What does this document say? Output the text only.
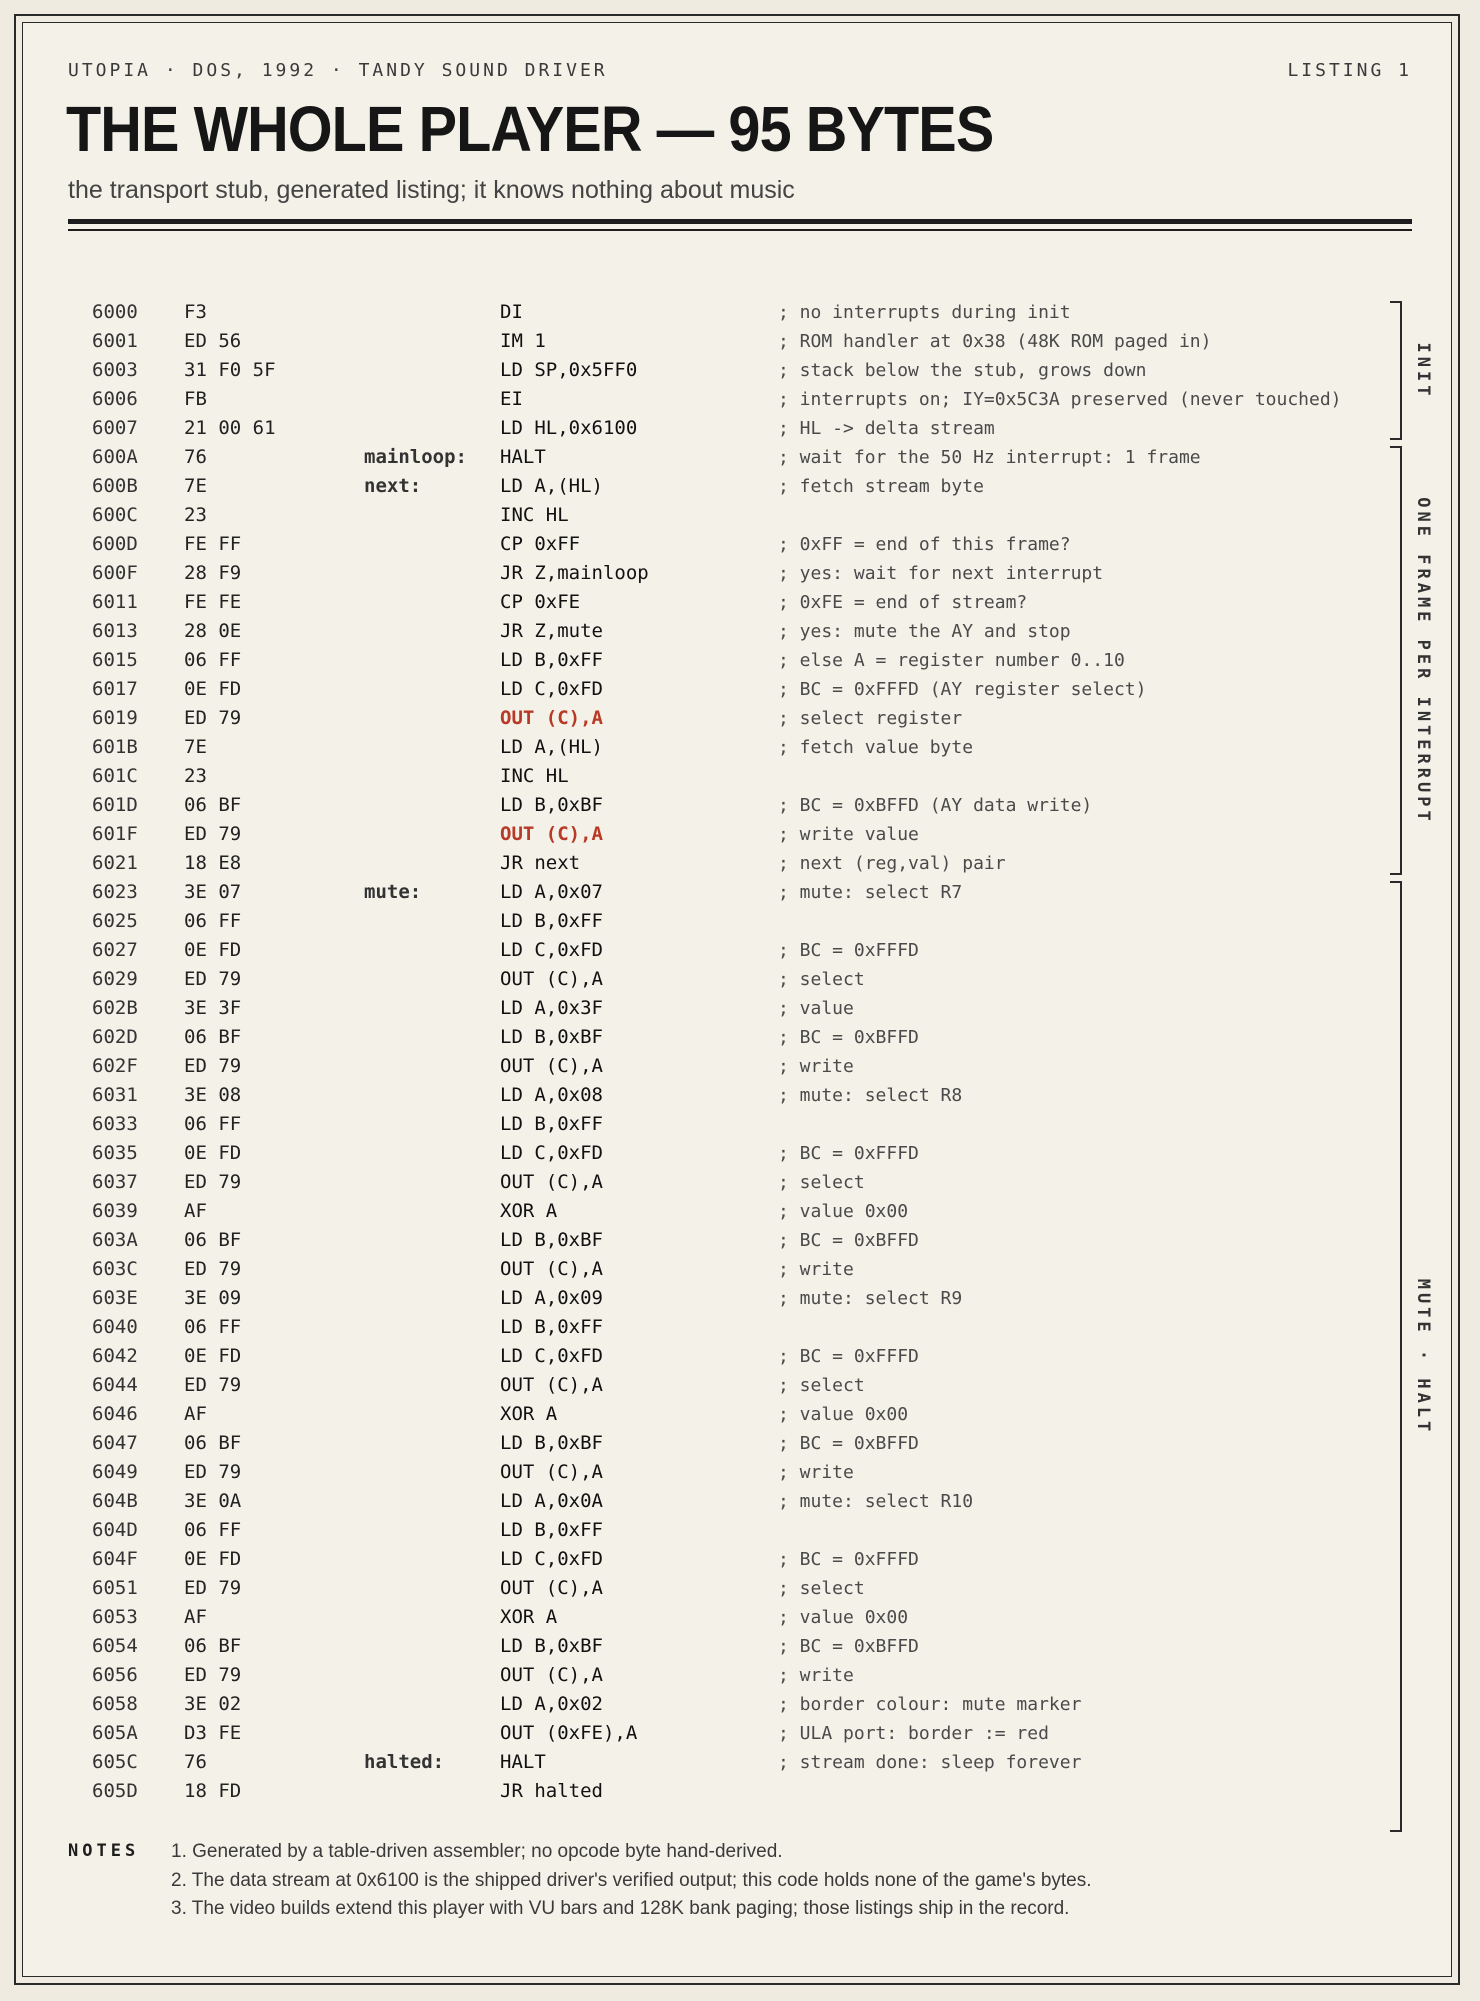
UTOPIA · DOS, 1992 · TANDY SOUND DRIVER	LISTING 1
THE WHOLE PLAYER — 95 BYTES
the transport stub, generated listing; it knows nothing about music
6000 F3	DI	; no interrupts during init
6001 ED 56	IM 1	; ROM handler at 0x38 (48K ROM paged in)
6003 31 F0 5F	LD SP,0x5FF0	; stack below the stub, grows down
6006 FB	EI	; interrupts on; IY=0x5C3A preserved (never touched)
6007 21 00 61	LD HL,0x6100	; HL -> delta stream
600A 76	mainloop: HALT	; wait for the 50 Hz interrupt: 1 frame
600B 7E	next:	LD A,(HL)	; fetch stream byte
600C 23	INC HL
600D FE FF	CP 0xFF	; 0xFF = end of this frame?
600F 28 F9	JR Z,mainloop	; yes: wait for next interrupt
6011 FE FE	CP 0xFE	; 0xFE = end of stream?
6013 28 0E	JR Z,mute	; yes: mute the AY and stop
6015 06 FF	LD B,0xFF	; else A = register number 0..10
6017 0E FD	LD C,0xFD	; BC = 0xFFFD (AY register select)
6019 ED 79	OUT (C),A	; select register
601B 7E	LD A,(HL)	; fetch value byte
601C 23	INC HL
601D 06 BF	LD B,0xBF	; BC = 0xBFFD (AY data write)
601F ED 79	OUT (C),A	; write value
6021 18 E8	JR next	; next (reg,val) pair
6023 3E 07	mute:	LD A,0x07	; mute: select R7
6025 06 FF	LD B,0xFF
6027 0E FD	LD C,0xFD	; BC = 0xFFFD
6029 ED 79	OUT (C),A	; select
602B 3E 3F	LD A,0x3F	; value
602D 06 BF	LD B,0xBF	; BC = 0xBFFD
602F ED 79	OUT (C),A	; write
6031 3E 08	LD A,0x08	; mute: select R8
6033 06 FF	LD B,0xFF
6035 0E FD	LD C,0xFD	; BC = 0xFFFD
6037 ED 79	OUT (C),A	; select
6039 AF	XOR A	; value 0x00
603A 06 BF	LD B,0xBF	; BC = 0xBFFD
603C ED 79	OUT (C),A	; write
603E 3E 09	LD A,0x09	; mute: select R9
6040 06 FF	LD B,0xFF
6042 0E FD	LD C,0xFD	; BC = 0xFFFD
6044 ED 79	OUT (C),A	; select
6046 AF	XOR A	; value 0x00
6047 06 BF	LD B,0xBF	; BC = 0xBFFD
6049 ED 79	OUT (C),A	; write
604B 3E 0A	LD A,0x0A	; mute: select R10
604D 06 FF	LD B,0xFF
604F 0E FD	LD C,0xFD	; BC = 0xFFFD
6051 ED 79	OUT (C),A	; select
6053 AF	XOR A	; value 0x00
6054 06 BF	LD B,0xBF	; BC = 0xBFFD
6056 ED 79	OUT (C),A	; write
6058 3E 02	LD A,0x02	; border colour: mute marker
605A D3 FE	OUT (0xFE),A	; ULA port: border := red
605C 76	halted:	HALT	; stream done: sleep forever
605D 18 FD	JR halted
INIT
ONE FRAME PER INTERRUPT
MUTE · HALT
NOTES 1. Generated by a table-driven assembler; no opcode byte hand-derived.
2. The data stream at 0x6100 is the shipped driver's verified output; this code holds none of the game's bytes.
3. The video builds extend this player with VU bars and 128K bank paging; those listings ship in the record.
